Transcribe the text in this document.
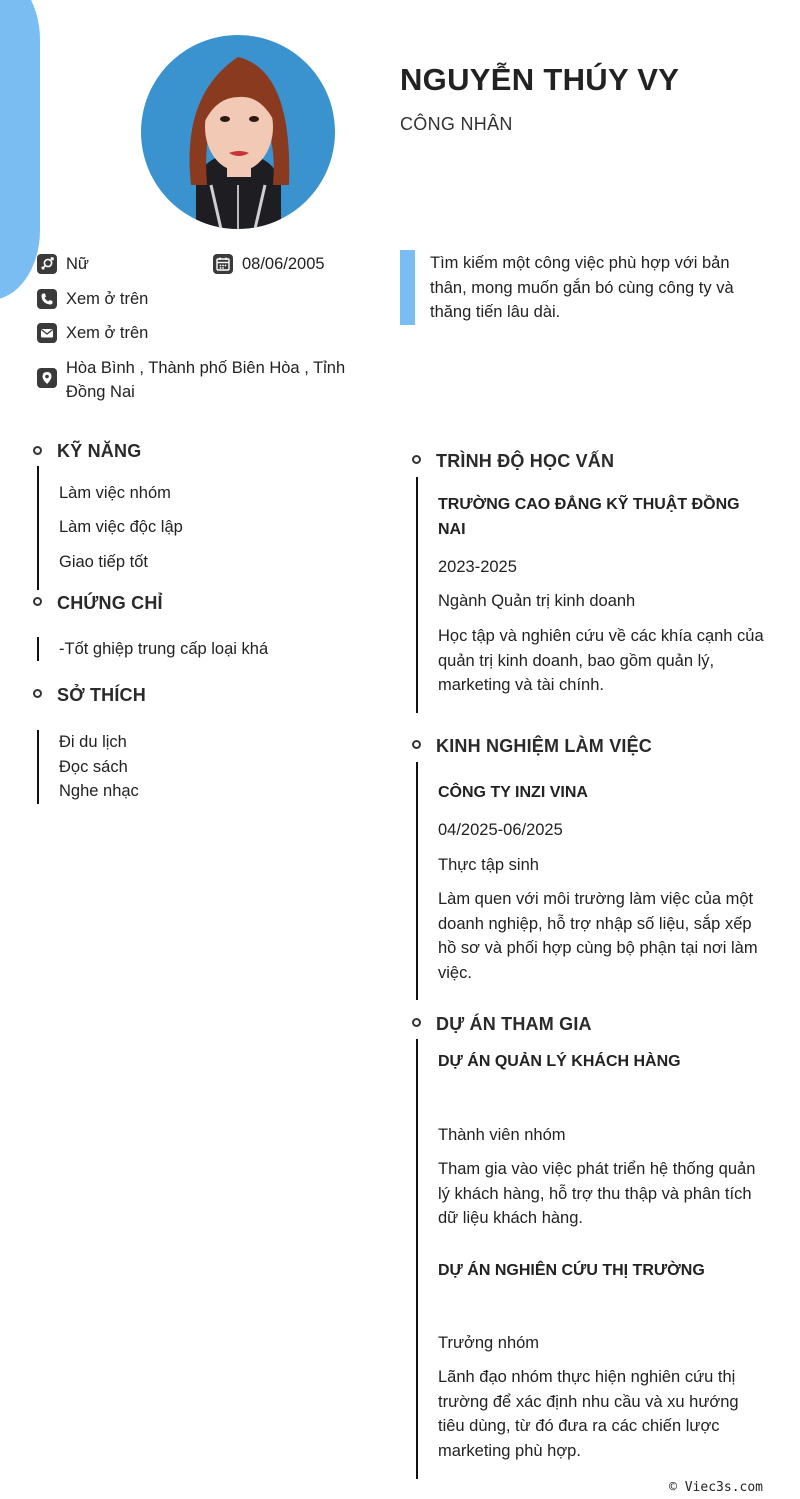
NGUYỄN THÚY VY
CÔNG NHÂN
Nữ	08/06/2005
Xem ở trên
Xem ở trên
Hòa Bình , Thành phố Biên Hòa , Tỉnh Đồng Nai
Tìm kiếm một công việc phù hợp với bản thân, mong muốn gắn bó cùng công ty và thăng tiến lâu dài.
KỸ NĂNG
Làm việc nhóm
Làm việc độc lập
Giao tiếp tốt
CHỨNG CHỈ
-Tốt ghiệp trung cấp loại khá
SỞ THÍCH
Đi du lịch
Đọc sách
Nghe nhạc
TRÌNH ĐỘ HỌC VẤN
TRƯỜNG CAO ĐẲNG KỸ THUẬT ĐỒNG NAI
2023-2025
Ngành Quản trị kinh doanh
Học tập và nghiên cứu về các khía cạnh của quản trị kinh doanh, bao gồm quản lý, marketing và tài chính.
KINH NGHIỆM LÀM VIỆC
CÔNG TY INZI VINA
04/2025-06/2025
Thực tập sinh
Làm quen với môi trường làm việc của một doanh nghiệp, hỗ trợ nhập số liệu, sắp xếp hồ sơ và phối hợp cùng bộ phận tại nơi làm việc.
DỰ ÁN THAM GIA
DỰ ÁN QUẢN LÝ KHÁCH HÀNG
Thành viên nhóm
Tham gia vào việc phát triển hệ thống quản lý khách hàng, hỗ trợ thu thập và phân tích dữ liệu khách hàng.
DỰ ÁN NGHIÊN CỨU THỊ TRƯỜNG
Trưởng nhóm
Lãnh đạo nhóm thực hiện nghiên cứu thị trường để xác định nhu cầu và xu hướng tiêu dùng, từ đó đưa ra các chiến lược marketing phù hợp.
© Viec3s.com
